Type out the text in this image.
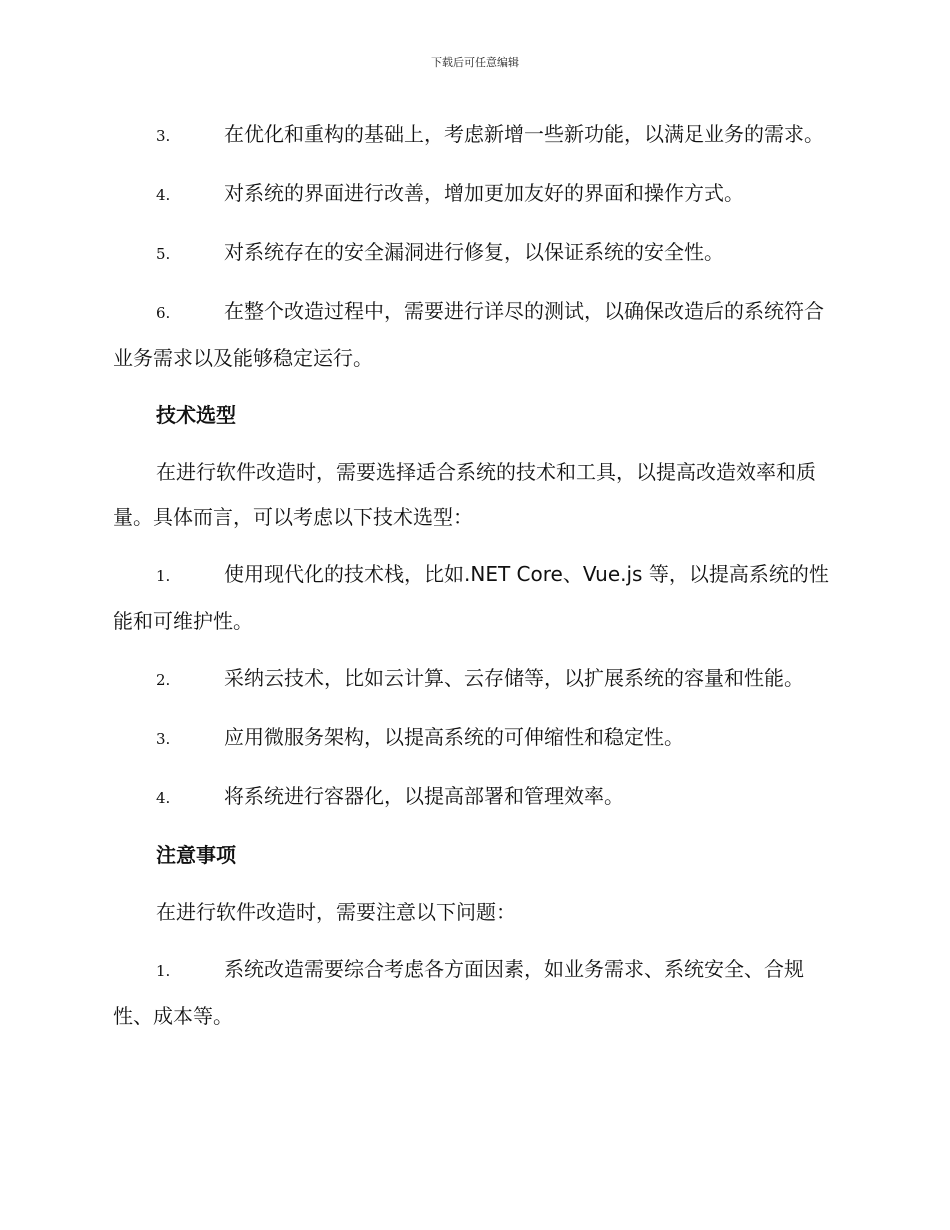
下载后可任意编辑

3.	在优化和重构的基础上，考虑新增一些新功能，以满足业务的需求。

4.	对系统的界面进行改善，增加更加友好的界面和操作方式。

5.	对系统存在的安全漏洞进行修复，以保证系统的安全性。

6.	在整个改造过程中，需要进行详尽的测试，以确保改造后的系统符合业务需求以及能够稳定运行。

技术选型

在进行软件改造时，需要选择适合系统的技术和工具，以提高改造效率和质量。具体而言，可以考虑以下技术选型：

1.	使用现代化的技术栈，比如.NET Core、Vue.js 等，以提高系统的性能和可维护性。

2.	采纳云技术，比如云计算、云存储等，以扩展系统的容量和性能。

3.	应用微服务架构，以提高系统的可伸缩性和稳定性。

4.	将系统进行容器化，以提高部署和管理效率。

注意事项

在进行软件改造时，需要注意以下问题：

1.	系统改造需要综合考虑各方面因素，如业务需求、系统安全、合规性、成本等。
